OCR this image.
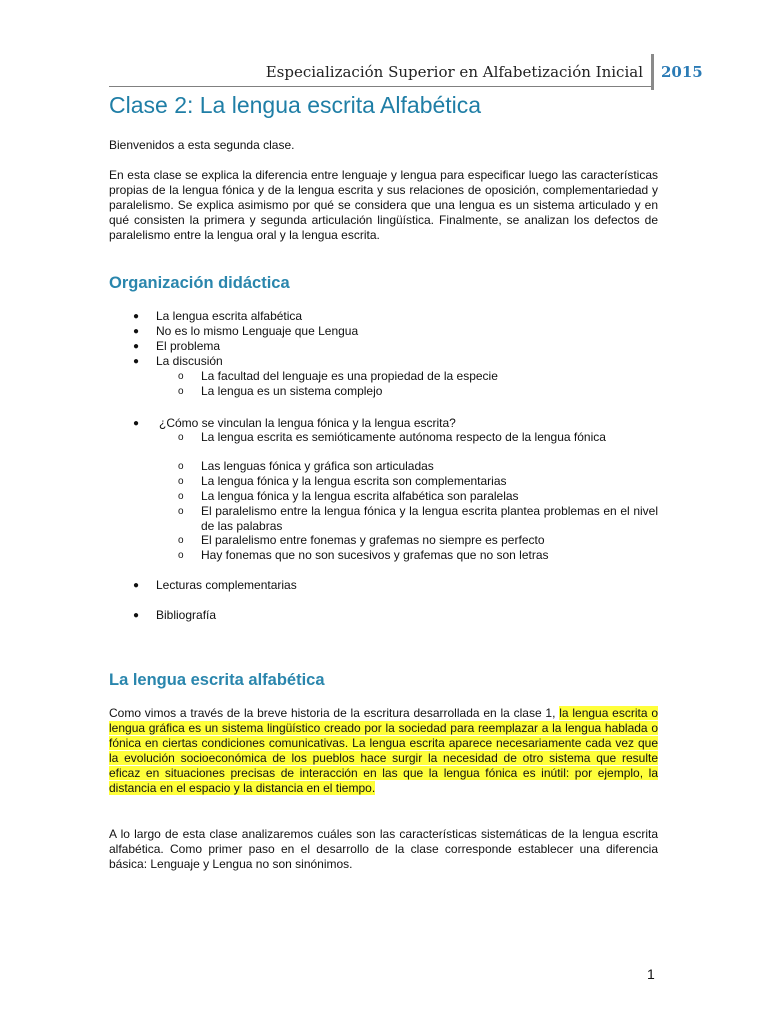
Especialización Superior en Alfabetización Inicial 2015
Clase 2: La lengua escrita Alfabética

Bienvenidos a esta segunda clase.

En esta clase se explica la diferencia entre lenguaje y lengua para especificar luego las características propias de la lengua fónica y de la lengua escrita y sus relaciones de oposición, complementariedad y paralelismo. Se explica asimismo por qué se considera que una lengua es un sistema articulado y en qué consisten la primera y segunda articulación lingüística. Finalmente, se analizan los defectos de paralelismo entre la lengua oral y la lengua escrita.

Organización didáctica
● La lengua escrita alfabética
● No es lo mismo Lenguaje que Lengua
● El problema
● La discusión
o La facultad del lenguaje es una propiedad de la especie
o La lengua es un sistema complejo
● ¿Cómo se vinculan la lengua fónica y la lengua escrita?
o La lengua escrita es semióticamente autónoma respecto de la lengua fónica
o Las lenguas fónica y gráfica son articuladas
o La lengua fónica y la lengua escrita son complementarias
o La lengua fónica y la lengua escrita alfabética son paralelas
o El paralelismo entre la lengua fónica y la lengua escrita plantea problemas en el nivel de las palabras
o El paralelismo entre fonemas y grafemas no siempre es perfecto
o Hay fonemas que no son sucesivos y grafemas que no son letras
● Lecturas complementarias
● Bibliografía
La lengua escrita alfabética

Como vimos a través de la breve historia de la escritura desarrollada en la clase 1, la lengua escrita o lengua gráfica es un sistema lingüístico creado por la sociedad para reemplazar a la lengua hablada o fónica en ciertas condiciones comunicativas. La lengua escrita aparece necesariamente cada vez que la evolución socioeconómica de los pueblos hace surgir la necesidad de otro sistema que resulte eficaz en situaciones precisas de interacción en las que la lengua fónica es inútil: por ejemplo, la distancia en el espacio y la distancia en el tiempo.

A lo largo de esta clase analizaremos cuáles son las características sistemáticas de la lengua escrita alfabética. Como primer paso en el desarrollo de la clase corresponde establecer una diferencia básica: Lenguaje y Lengua no son sinónimos.

1
